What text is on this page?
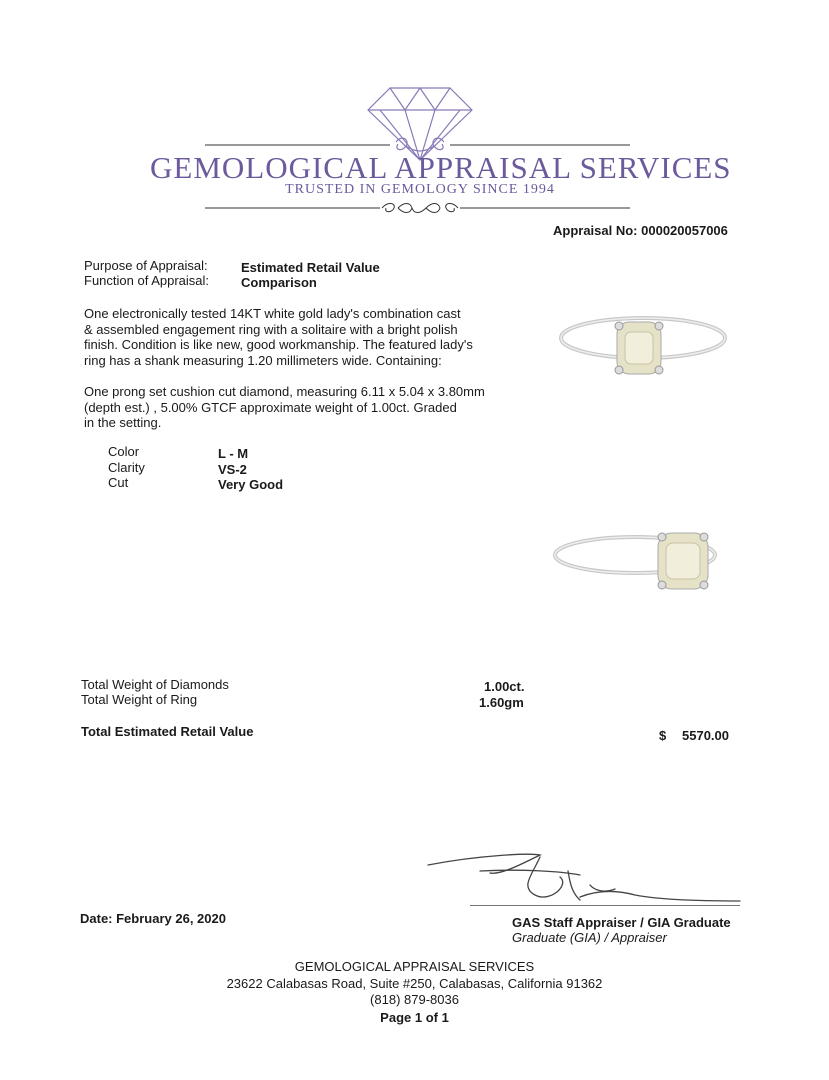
GEMOLOGICAL APPRAISAL SERVICES
TRUSTED IN GEMOLOGY SINCE 1994
Appraisal No: 000020057006
Purpose of Appraisal:	Estimated Retail Value
Function of Appraisal: Comparison
One electronically tested 14KT white gold lady's combination cast
& assembled engagement ring with a solitaire with a bright polish
finish. Condition is like new, good workmanship. The featured lady's
ring has a shank measuring 1.20 millimeters wide. Containing:
One prong set cushion cut diamond, measuring 6.11 x 5.04 x 3.80mm
(depth est.) , 5.00% GTCF approximate weight of 1.00ct. Graded
in the setting.
Color	L - M
Clarity	VS-2
Cut	Very Good
Total Weight of Diamonds	1.00ct.
Total Weight of Ring	1.60gm
Total Estimated Retail Value	$ 5570.00
Date: February 26, 2020	GAS Staff Appraiser / GIA Graduate
Graduate (GIA) / Appraiser
GEMOLOGICAL APPRAISAL SERVICES
23622 Calabasas Road, Suite #250, Calabasas, California 91362
(818) 879-8036
Page 1 of 1
